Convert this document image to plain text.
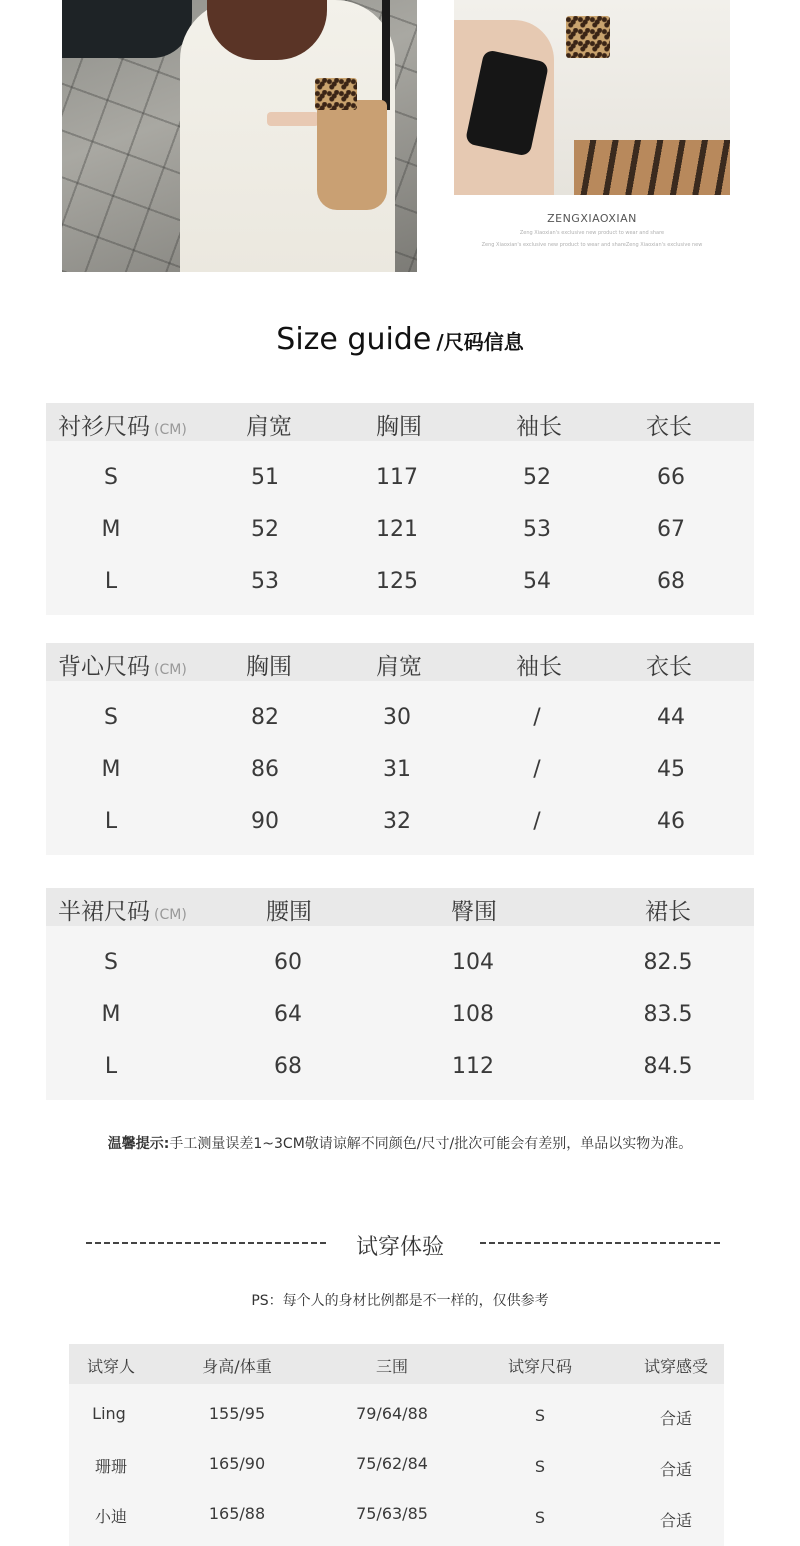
ZENGXIAOXIAN
Zeng Xiaoxian's exclusive new product to wear and share
Zeng Xiaoxian's exclusive new product to wear and shareZeng Xiaoxian's exclusive new
Size guide /尺码信息
衬衫尺码 (CM)	肩宽	胸围	袖长	衣长
S	51	117	52	66
M	52	121	53	67
L	53	125	54	68
背心尺码 (CM)	胸围	肩宽	袖长	衣长
S	82	30	/	44
M	86	31	/	45
L	90	32	/	46
半裙尺码 (CM)	腰围	臀围	裙长
S	60	104	82.5
M	64	108	83.5
L	68	112	84.5
温馨提示:手工测量误差1~3CM敬请谅解不同颜色/尺寸/批次可能会有差别，单品以实物为准。
试穿体验
PS：每个人的身材比例都是不一样的，仅供参考
试穿人	身高/体重	三围	试穿尺码	试穿感受
Ling	155/95	79/64/88	S	合适
珊珊	165/90	75/62/84	S	合适
小迪	165/88	75/63/85	S	合适
